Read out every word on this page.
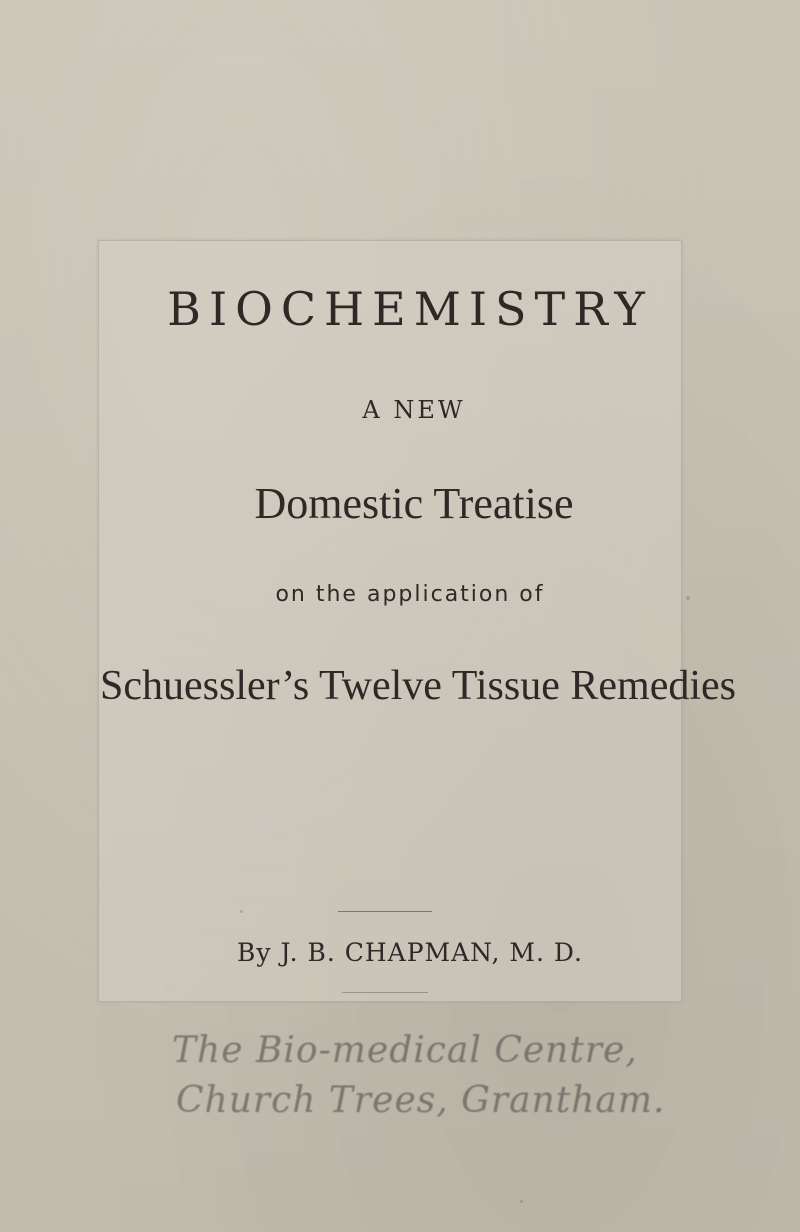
BIOCHEMISTRY
A NEW
Domestic Treatise
on the application of
Schuessler’s Twelve Tissue Remedies
By J. B. CHAPMAN, M. D.
The Bio-medical Centre,
Church Trees, Grantham.
